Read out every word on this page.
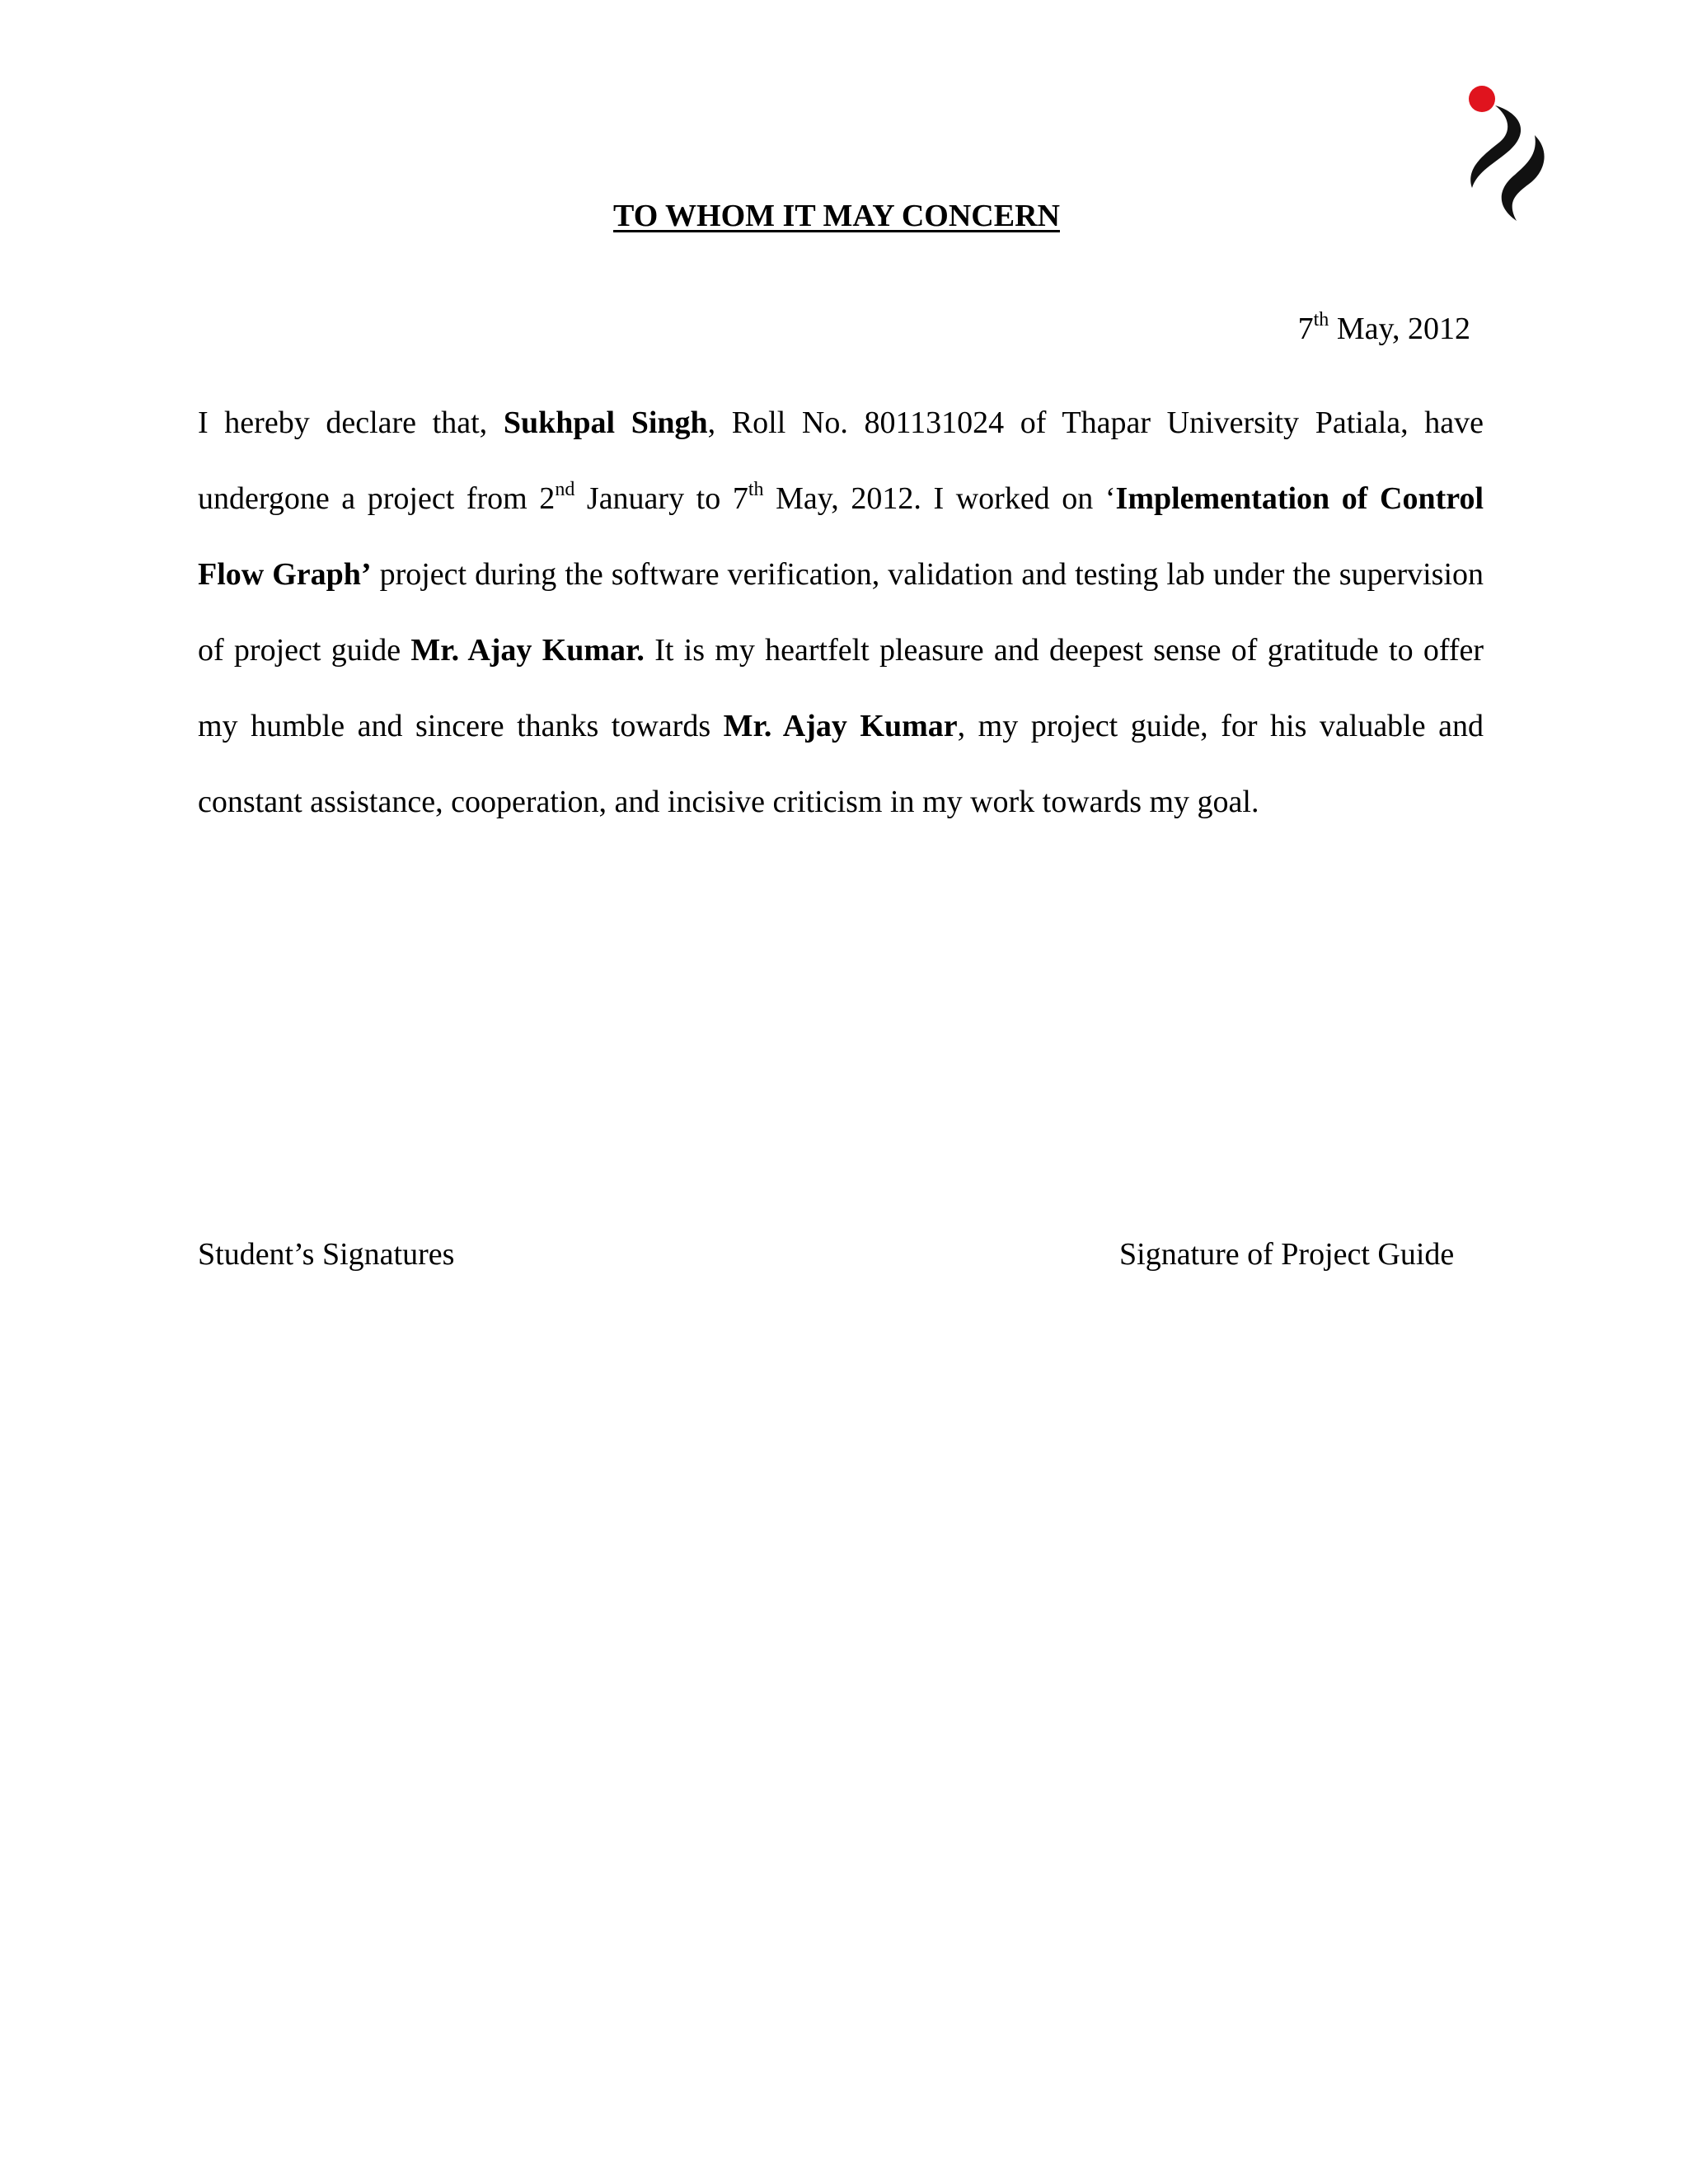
TO WHOM IT MAY CONCERN
7th May, 2012
I hereby declare that, Sukhpal Singh, Roll No. 801131024 of Thapar University Patiala, have undergone a project from 2nd January to 7th May, 2012. I worked on ‘Implementation of Control Flow Graph’ project during the software verification, validation and testing lab under the supervision of project guide Mr. Ajay Kumar. It is my heartfelt pleasure and deepest sense of gratitude to offer my humble and sincere thanks towards Mr. Ajay Kumar, my project guide, for his valuable and constant assistance, cooperation, and incisive criticism in my work towards my goal.
Student’s Signatures	Signature of Project Guide
